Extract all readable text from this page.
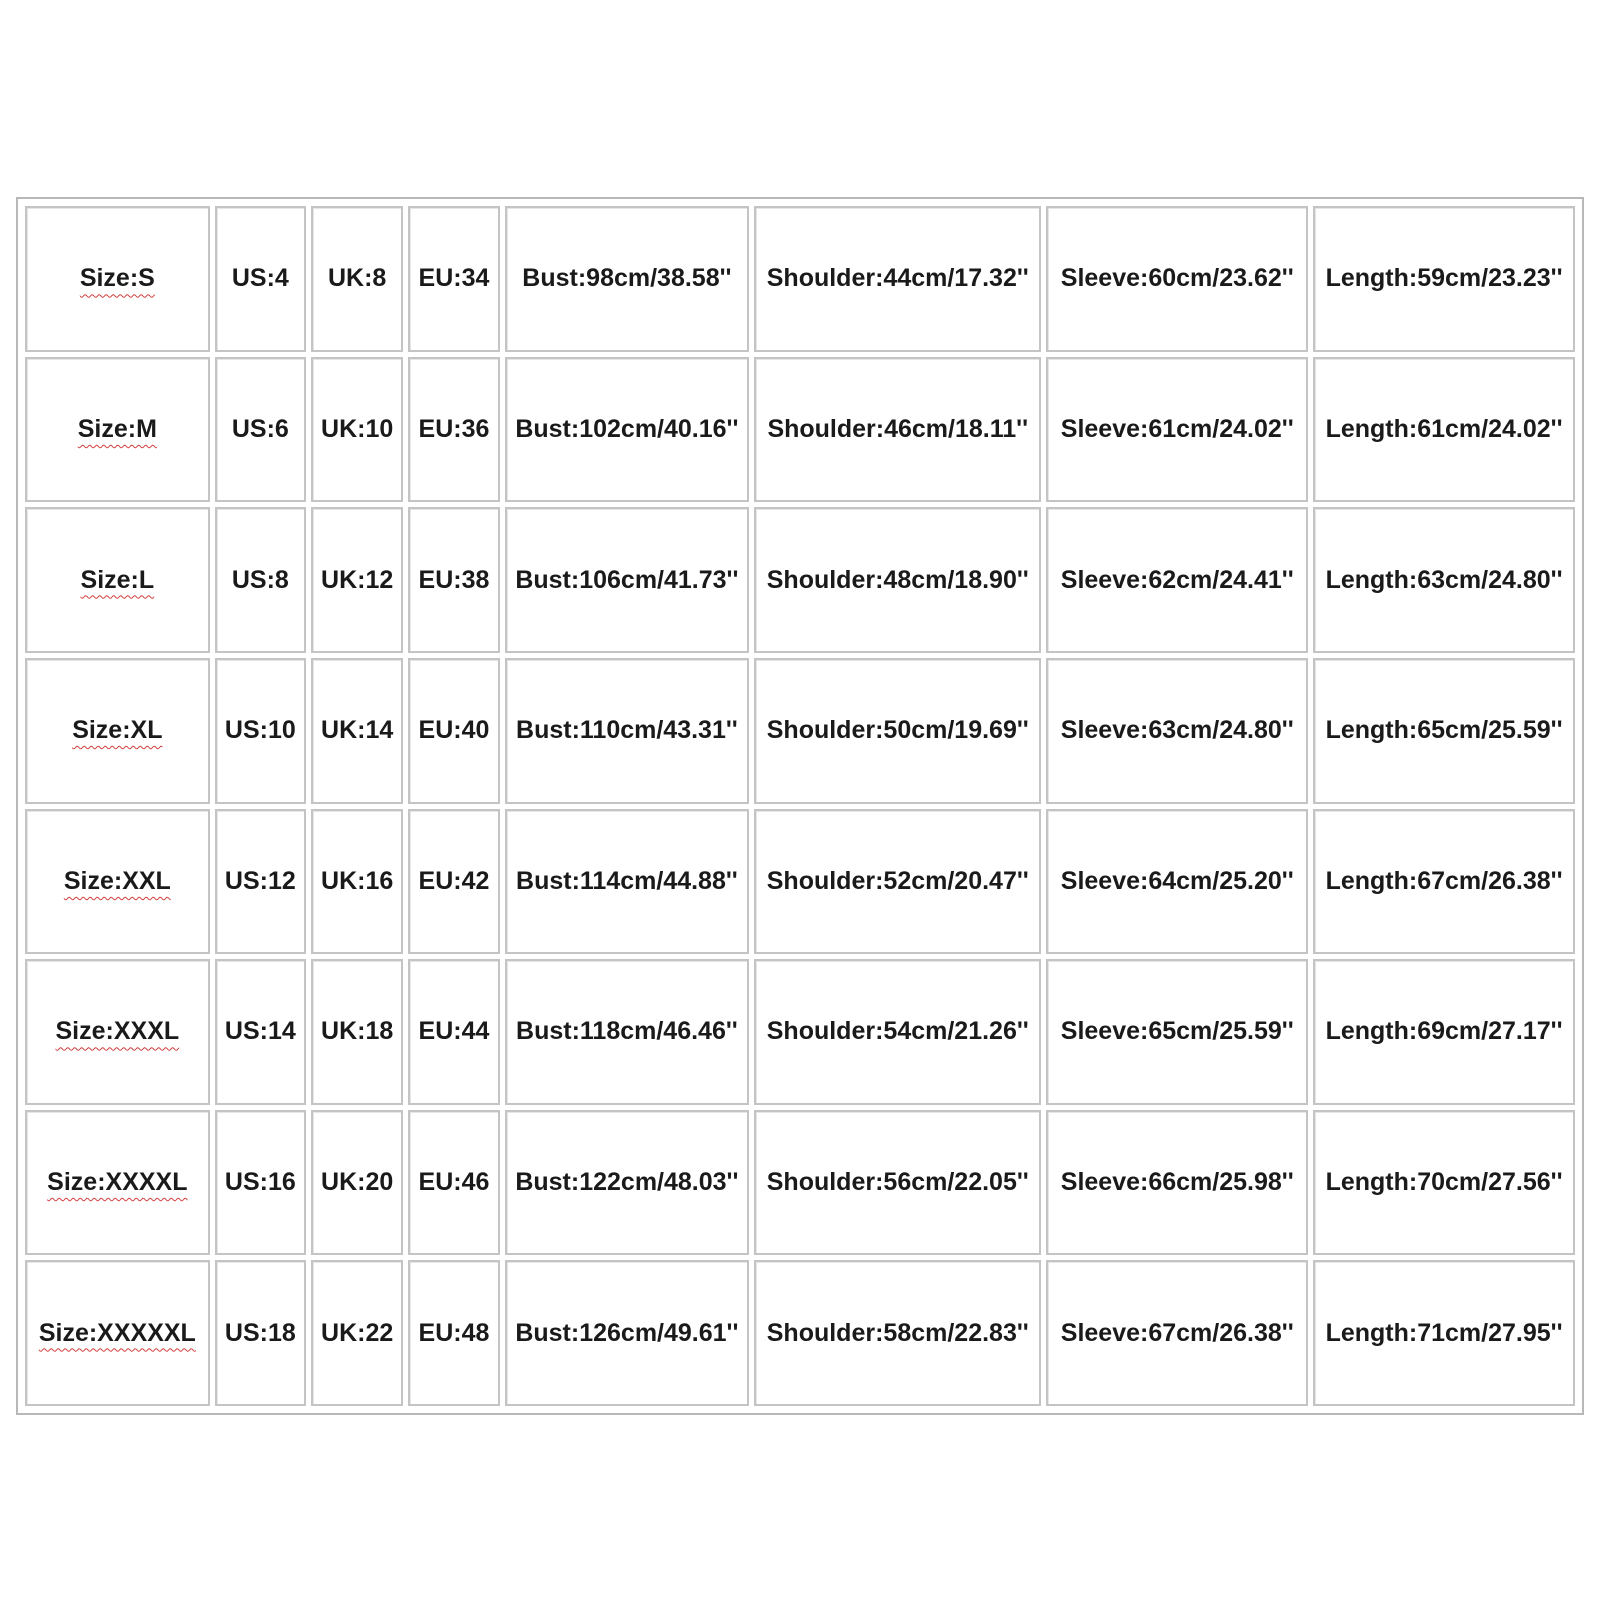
Size:S	US:4	UK:8	EU:34	Bust:98cm/38.58''	Shoulder:44cm/17.32''	Sleeve:60cm/23.62''	Length:59cm/23.23''
Size:M	US:6	UK:10	EU:36	Bust:102cm/40.16''	Shoulder:46cm/18.11''	Sleeve:61cm/24.02''	Length:61cm/24.02''
Size:L	US:8	UK:12	EU:38	Bust:106cm/41.73''	Shoulder:48cm/18.90''	Sleeve:62cm/24.41''	Length:63cm/24.80''
Size:XL	US:10	UK:14	EU:40	Bust:110cm/43.31''	Shoulder:50cm/19.69''	Sleeve:63cm/24.80''	Length:65cm/25.59''
Size:XXL	US:12	UK:16	EU:42	Bust:114cm/44.88''	Shoulder:52cm/20.47''	Sleeve:64cm/25.20''	Length:67cm/26.38''
Size:XXXL	US:14	UK:18	EU:44	Bust:118cm/46.46''	Shoulder:54cm/21.26''	Sleeve:65cm/25.59''	Length:69cm/27.17''
Size:XXXXL	US:16	UK:20	EU:46	Bust:122cm/48.03''	Shoulder:56cm/22.05''	Sleeve:66cm/25.98''	Length:70cm/27.56''
Size:XXXXXL	US:18	UK:22	EU:48	Bust:126cm/49.61''	Shoulder:58cm/22.83''	Sleeve:67cm/26.38''	Length:71cm/27.95''
